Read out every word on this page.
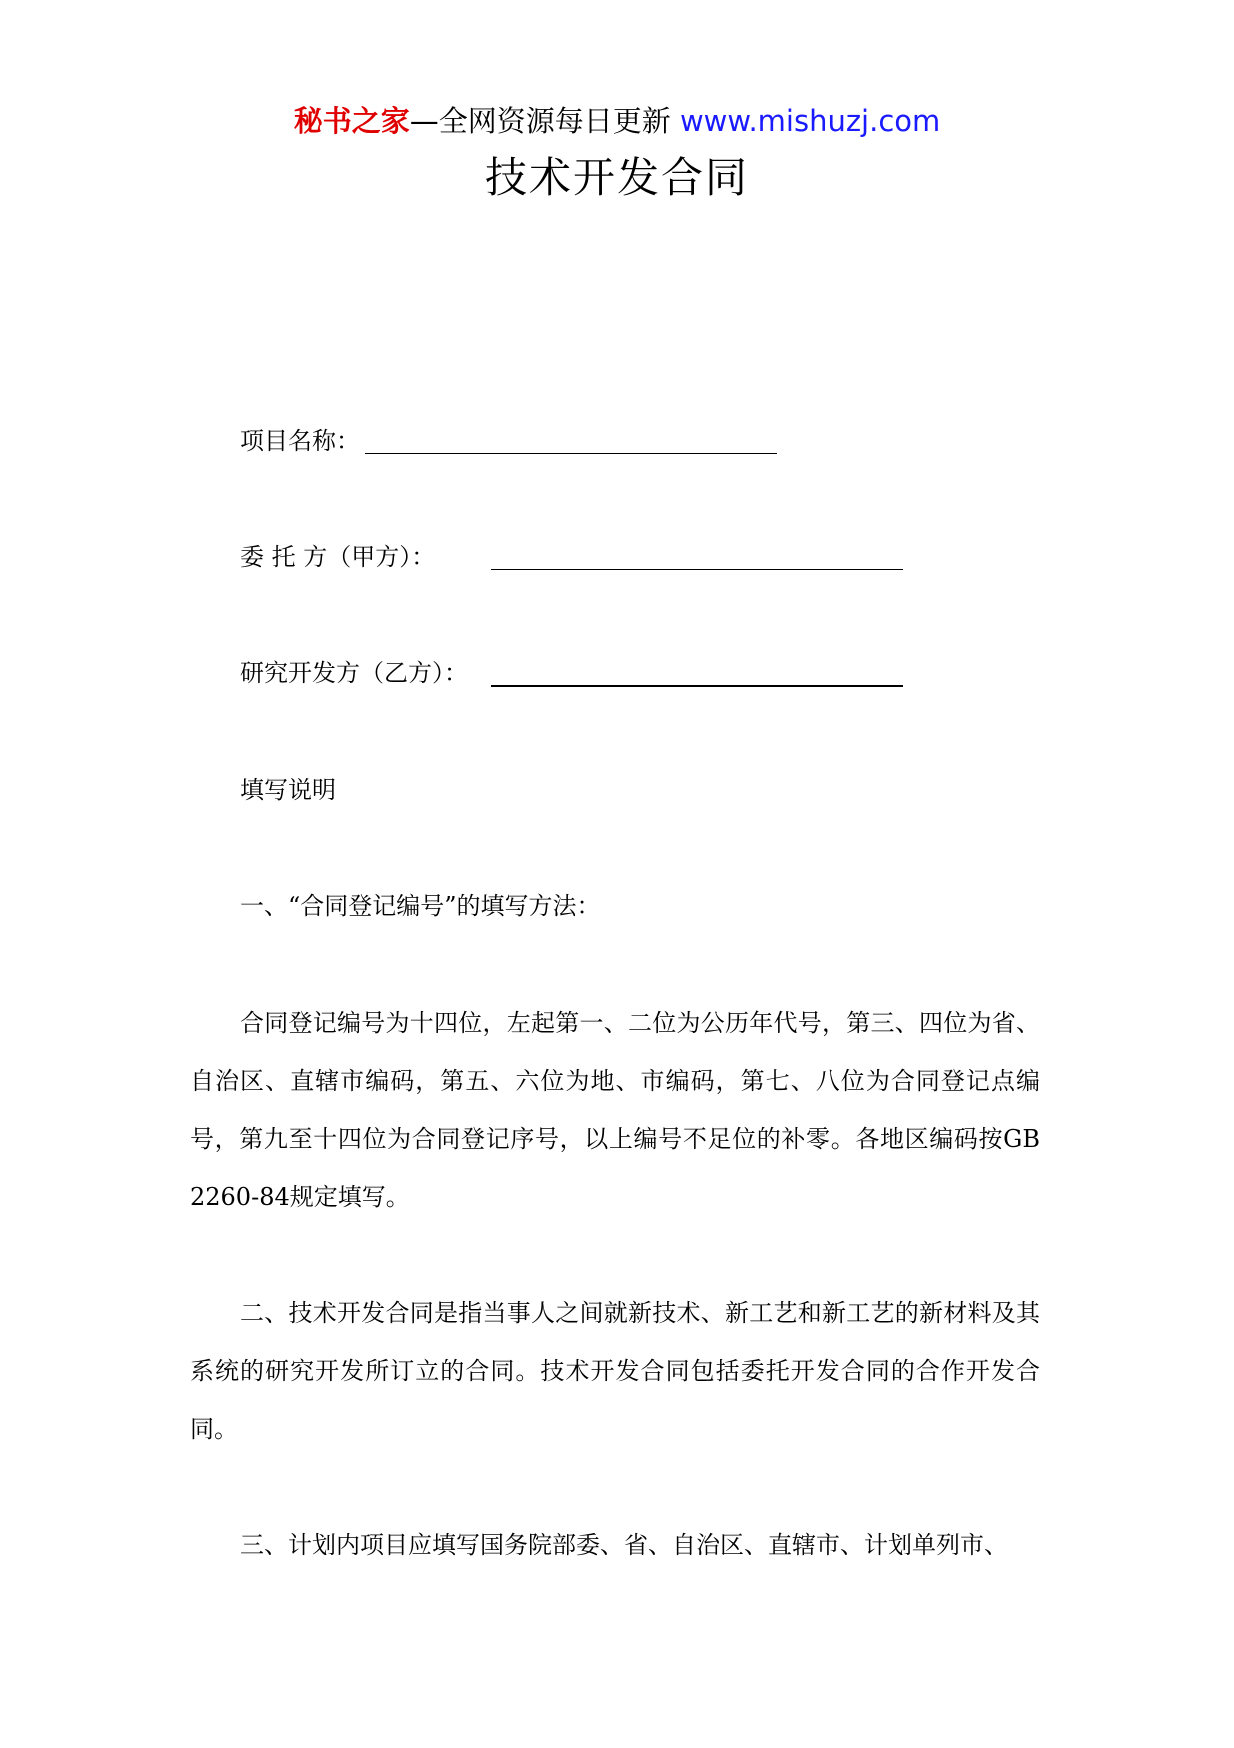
秘书之家—全网资源每日更新 www.mishuzj.com
技术开发合同
项目名称：
委 托 方（甲方）：
研究开发方（乙方）：
填写说明
一、“合同登记编号”的填写方法：
合同登记编号为十四位，左起第一、二位为公历年代号，第三、四位为省、自治区、直辖市编码，第五、六位为地、市编码，第七、八位为合同登记点编号，第九至十四位为合同登记序号，以上编号不足位的补零。各地区编码按GB 2260-84规定填写。
二、技术开发合同是指当事人之间就新技术、新工艺和新工艺的新材料及其系统的研究开发所订立的合同。技术开发合同包括委托开发合同的合作开发合同。
三、计划内项目应填写国务院部委、省、自治区、直辖市、计划单列市、
